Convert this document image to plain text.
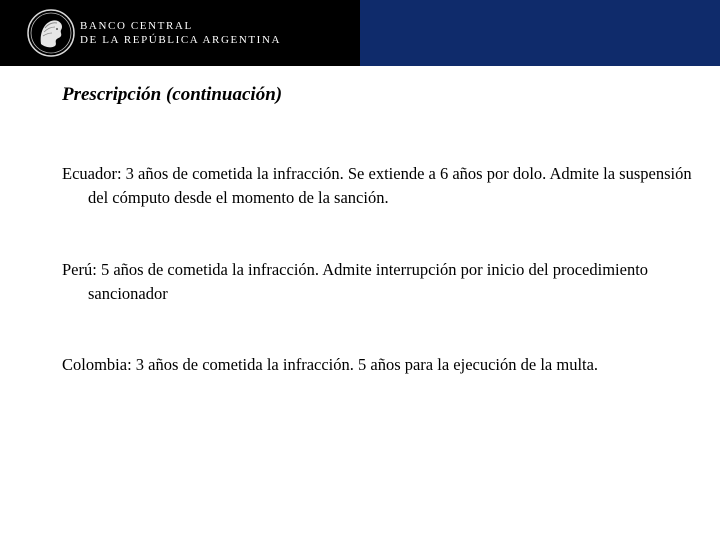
BANCO CENTRAL
DE LA REPÚBLICA ARGENTINA
Prescripción (continuación)
Ecuador: 3 años de cometida la infracción. Se extiende a 6 años por dolo. Admite la suspensión del cómputo desde el momento de la sanción.
Perú: 5 años de cometida la infracción. Admite interrupción por inicio del procedimiento sancionador
Colombia: 3 años de cometida la infracción. 5 años para la ejecución de la multa.
